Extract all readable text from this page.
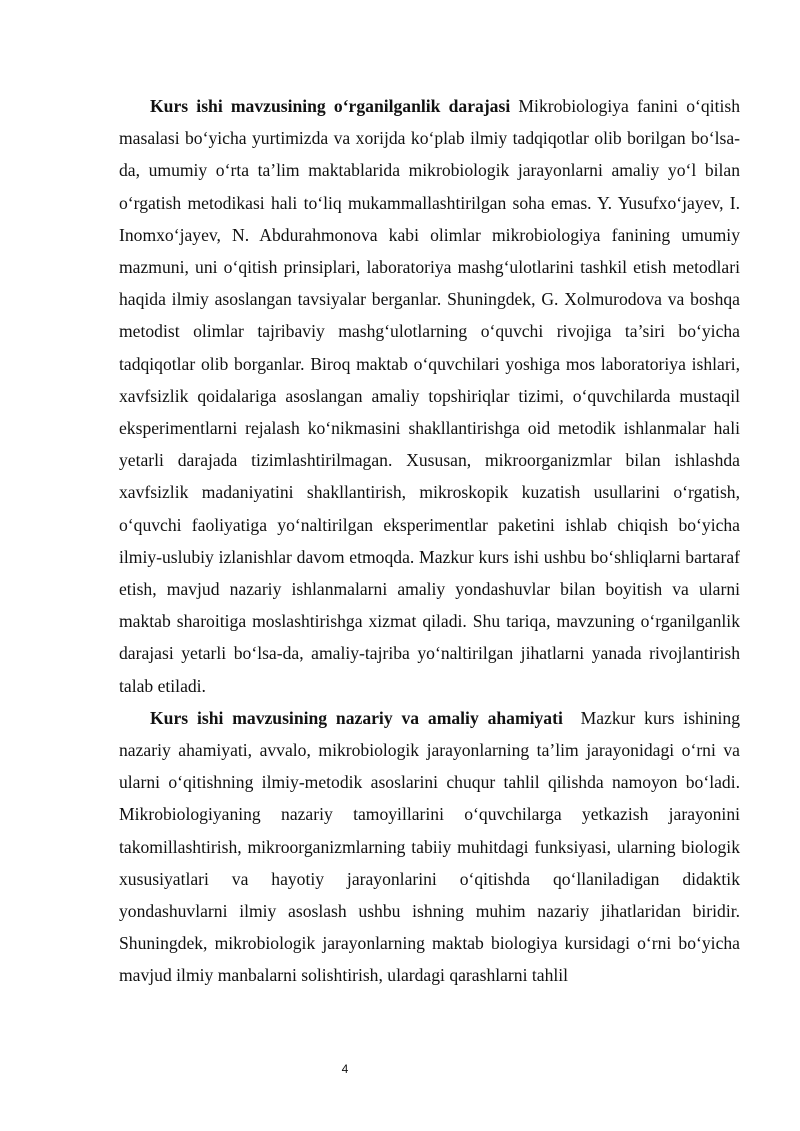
Kurs ishi mavzusining o‘rganilganlik darajasi Mikrobiologiya fanini o‘qitish masalasi bo‘yicha yurtimizda va xorijda ko‘plab ilmiy tadqiqotlar olib borilgan bo‘lsa-da, umumiy o‘rta ta’lim maktablarida mikrobiologik jarayonlarni amaliy yo‘l bilan o‘rgatish metodikasi hali to‘liq mukammallashtirilgan soha emas. Y. Yusufxo‘jayev, I. Inomxo‘jayev, N. Abdurahmonova kabi olimlar mikrobiologiya fanining umumiy mazmuni, uni o‘qitish prinsiplari, laboratoriya mashg‘ulotlarini tashkil etish metodlari haqida ilmiy asoslangan tavsiyalar berganlar. Shuningdek, G. Xolmurodova va boshqa metodist olimlar tajribaviy mashg‘ulotlarning o‘quvchi rivojiga ta’siri bo‘yicha tadqiqotlar olib borganlar. Biroq maktab o‘quvchilari yoshiga mos laboratoriya ishlari, xavfsizlik qoidalariga asoslangan amaliy topshiriqlar tizimi, o‘quvchilarda mustaqil eksperimentlarni rejalash ko‘nikmasini shakllantirishga oid metodik ishlanmalar hali yetarli darajada tizimlashtirilmagan. Xususan, mikroorganizmlar bilan ishlashda xavfsizlik madaniyatini shakllantirish, mikroskopik kuzatish usullarini o‘rgatish, o‘quvchi faoliyatiga yo‘naltirilgan eksperimentlar paketini ishlab chiqish bo‘yicha ilmiy-uslubiy izlanishlar davom etmoqda. Mazkur kurs ishi ushbu bo‘shliqlarni bartaraf etish, mavjud nazariy ishlanmalarni amaliy yondashuvlar bilan boyitish va ularni maktab sharoitiga moslashtirishga xizmat qiladi. Shu tariqa, mavzuning o‘rganilganlik darajasi yetarli bo‘lsa-da, amaliy-tajriba yo‘naltirilgan jihatlarni yanada rivojlantirish talab etiladi.

Kurs ishi mavzusining nazariy va amaliy ahamiyati Mazkur kurs ishining nazariy ahamiyati, avvalo, mikrobiologik jarayonlarning ta’lim jarayonidagi o‘rni va ularni o‘qitishning ilmiy-metodik asoslarini chuqur tahlil qilishda namoyon bo‘ladi. Mikrobiologiyaning nazariy tamoyillarini o‘quvchilarga yetkazish jarayonini takomillashtirish, mikroorganizmlarning tabiiy muhitdagi funksiyasi, ularning biologik xususiyatlari va hayotiy jarayonlarini o‘qitishda qo‘llaniladigan didaktik yondashuvlarni ilmiy asoslash ushbu ishning muhim nazariy jihatlaridan biridir. Shuningdek, mikrobiologik jarayonlarning maktab biologiya kursidagi o‘rni bo‘yicha mavjud ilmiy manbalarni solishtirish, ulardagi qarashlarni tahlil

4
